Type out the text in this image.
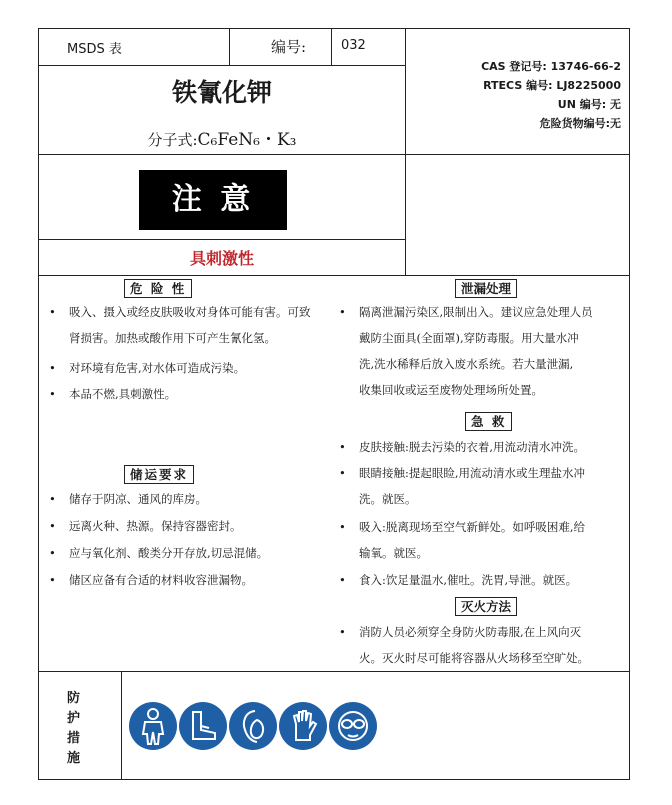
MSDS 表	编号:	032
铁氰化钾
分子式:C₆FeN₆・K₃
CAS 登记号: 13746-66-2
RTECS 编号: LJ8225000
UN 编号: 无
危险货物编号:无
注 意
具刺激性
危 险 性
• 吸入、摄入或经皮肤吸收对身体可能有害。可致
肾损害。加热或酸作用下可产生氰化氢。
• 对环境有危害,对水体可造成污染。
• 本品不燃,具刺激性。
储运要求
• 储存于阴凉、通风的库房。
• 远离火种、热源。保持容器密封。
• 应与氧化剂、酸类分开存放,切忌混储。
• 储区应备有合适的材料收容泄漏物。
泄漏处理
• 隔离泄漏污染区,限制出入。建议应急处理人员
戴防尘面具(全面罩),穿防毒服。用大量水冲
洗,洗水稀释后放入废水系统。若大量泄漏,
收集回收或运至废物处理场所处置。
急 救
• 皮肤接触:脱去污染的衣着,用流动清水冲洗。
• 眼睛接触:提起眼睑,用流动清水或生理盐水冲
洗。就医。
• 吸入:脱离现场至空气新鲜处。如呼吸困难,给
输氧。就医。
• 食入:饮足量温水,催吐。洗胃,导泄。就医。
灭火方法
• 消防人员必须穿全身防火防毒服,在上风向灭
火。灭火时尽可能将容器从火场移至空旷处。
防
护
措
施
